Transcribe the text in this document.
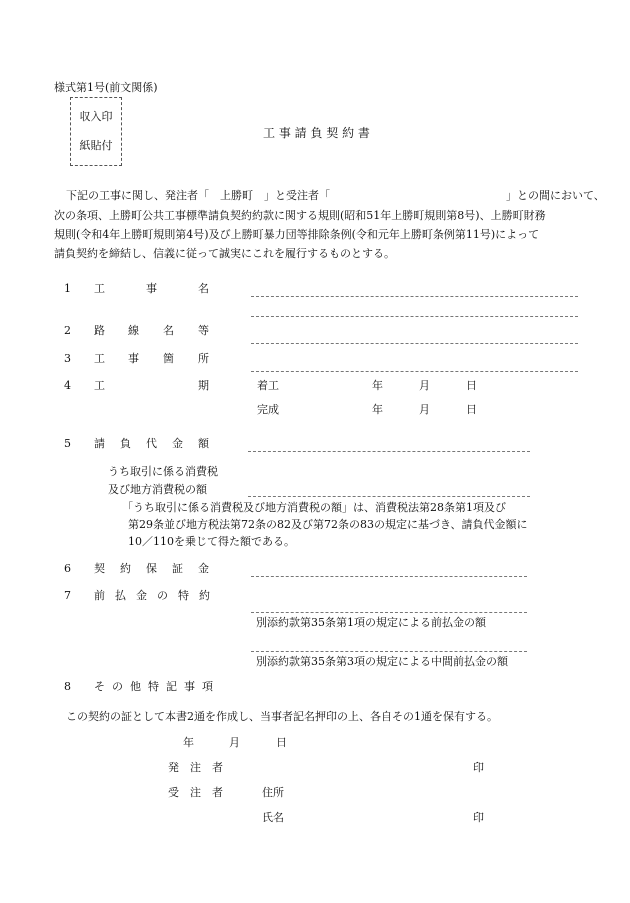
様式第1号(前文関係)
収入印
紙貼付
工 事 請 負 契 約 書
下記の工事に関し、発注者「　上勝町　」と受注者「　　　　　　　　　　　　　　　　」との間において、
次の条項、上勝町公共工事標準請負契約約款に関する規則(昭和51年上勝町規則第8号)、上勝町財務
規則(令和4年上勝町規則第4号)及び上勝町暴力団等排除条例(令和元年上勝町条例第11号)によって
請負契約を締結し、信義に従って誠実にこれを履行するものとする。
1 工	事	名
2 路 線 名 等
3 工 事 箇 所
4 工	期	着工	年	月	日
完成	年	月	日
5 請 負 代 金 額
うち取引に係る消費税
及び地方消費税の額
「うち取引に係る消費税及び地方消費税の額」は、消費税法第28条第1項及び
第29条並び地方税法第72条の82及び第72条の83の規定に基づき、請負代金額に
10／110を乗じて得た額である。
6 契 約 保 証 金
7 前 払 金 の 特 約
別添約款第35条第1項の規定による前払金の額
別添約款第35条第3項の規定による中間前払金の額
8 そ の 他 特 記 事 項
この契約の証として本書2通を作成し、当事者記名押印の上、各自その1通を保有する。
年	月	日
発　注　者	印
受　注　者	住所
氏名	印
